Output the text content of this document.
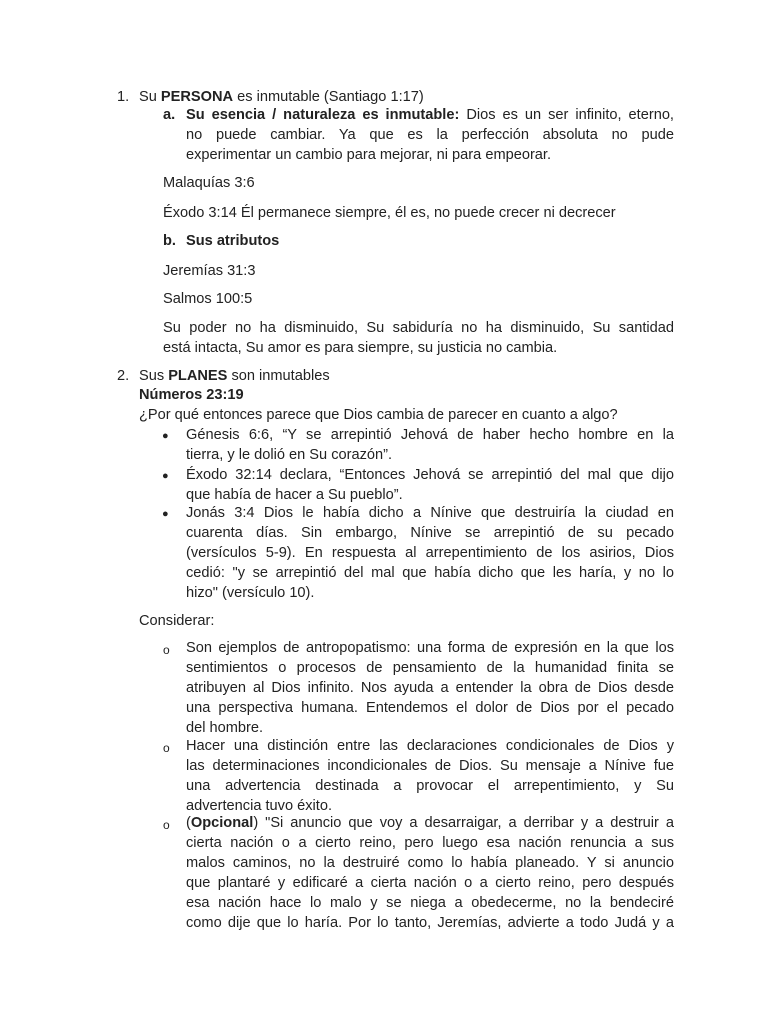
1. Su PERSONA es inmutable (Santiago 1:17)
a. Su esencia / naturaleza es inmutable: Dios es un ser infinito, eterno,
no puede cambiar. Ya que es la perfección absoluta no pude
experimentar un cambio para mejorar, ni para empeorar.
Malaquías 3:6
Éxodo 3:14 Él permanece siempre, él es, no puede crecer ni decrecer
b. Sus atributos
Jeremías 31:3
Salmos 100:5
Su poder no ha disminuido, Su sabiduría no ha disminuido, Su santidad
está intacta, Su amor es para siempre, su justicia no cambia.
2. Sus PLANES son inmutables
Números 23:19
¿Por qué entonces parece que Dios cambia de parecer en cuanto a algo?
● Génesis 6:6, “Y se arrepintió Jehová de haber hecho hombre en la
tierra, y le dolió en Su corazón”.
● Éxodo 32:14 declara, “Entonces Jehová se arrepintió del mal que dijo
que había de hacer a Su pueblo”.
● Jonás 3:4 Dios le había dicho a Nínive que destruiría la ciudad en
cuarenta días. Sin embargo, Nínive se arrepintió de su pecado
(versículos 5-9). En respuesta al arrepentimiento de los asirios, Dios
cedió: "y se arrepintió del mal que había dicho que les haría, y no lo
hizo" (versículo 10).
Considerar:
o Son ejemplos de antropopatismo: una forma de expresión en la que los
sentimientos o procesos de pensamiento de la humanidad finita se
atribuyen al Dios infinito. Nos ayuda a entender la obra de Dios desde
una perspectiva humana. Entendemos el dolor de Dios por el pecado
del hombre.
o Hacer una distinción entre las declaraciones condicionales de Dios y
las determinaciones incondicionales de Dios. Su mensaje a Nínive fue
una advertencia destinada a provocar el arrepentimiento, y Su
advertencia tuvo éxito.
o (Opcional) "Si anuncio que voy a desarraigar, a derribar y a destruir a
cierta nación o a cierto reino, pero luego esa nación renuncia a sus
malos caminos, no la destruiré como lo había planeado. Y si anuncio
que plantaré y edificaré a cierta nación o a cierto reino, pero después
esa nación hace lo malo y se niega a obedecerme, no la bendeciré
como dije que lo haría. Por lo tanto, Jeremías, advierte a todo Judá y a
